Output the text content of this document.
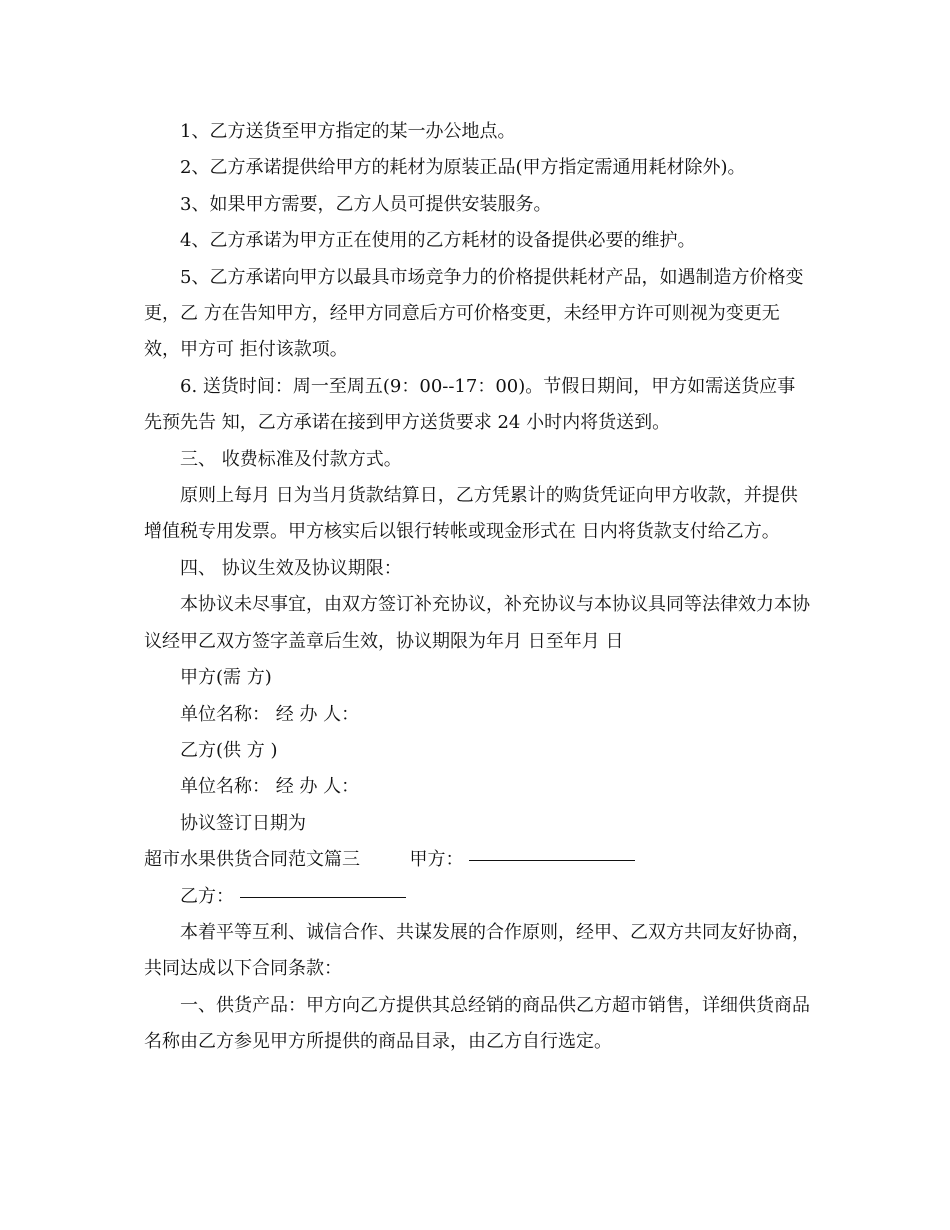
1、乙方送货至甲方指定的某一办公地点。

2、乙方承诺提供给甲方的耗材为原装正品(甲方指定需通用耗材除外)。

3、如果甲方需要，乙方人员可提供安装服务。

4、乙方承诺为甲方正在使用的乙方耗材的设备提供必要的维护。

5、乙方承诺向甲方以最具市场竞争力的价格提供耗材产品，如遇制造方价格变更，乙 方在告知甲方，经甲方同意后方可价格变更，未经甲方许可则视为变更无效，甲方可 拒付该款项。

6. 送货时间：周一至周五(9：00--17：00)。节假日期间，甲方如需送货应事先预先告 知，乙方承诺在接到甲方送货要求 24 小时内将货送到。

三、 收费标准及付款方式。

原则上每月 日为当月货款结算日，乙方凭累计的购货凭证向甲方收款，并提供增值税专用发票。甲方核实后以银行转帐或现金形式在 日内将货款支付给乙方。

四、 协议生效及协议期限：

本协议未尽事宜，由双方签订补充协议，补充协议与本协议具同等法律效力本协议经甲乙双方签字盖章后生效，协议期限为年月 日至年月 日

甲方(需 方)

单位名称： 经 办 人：

乙方(供 方 )

单位名称： 经 办 人：

协议签订日期为

超市水果供货合同范文篇三	甲方：

乙方：

本着平等互利、诚信合作、共谋发展的合作原则，经甲、乙双方共同友好协商，共同达成以下合同条款：

一、供货产品：甲方向乙方提供其总经销的商品供乙方超市销售，详细供货商品名称由乙方参见甲方所提供的商品目录，由乙方自行选定。
